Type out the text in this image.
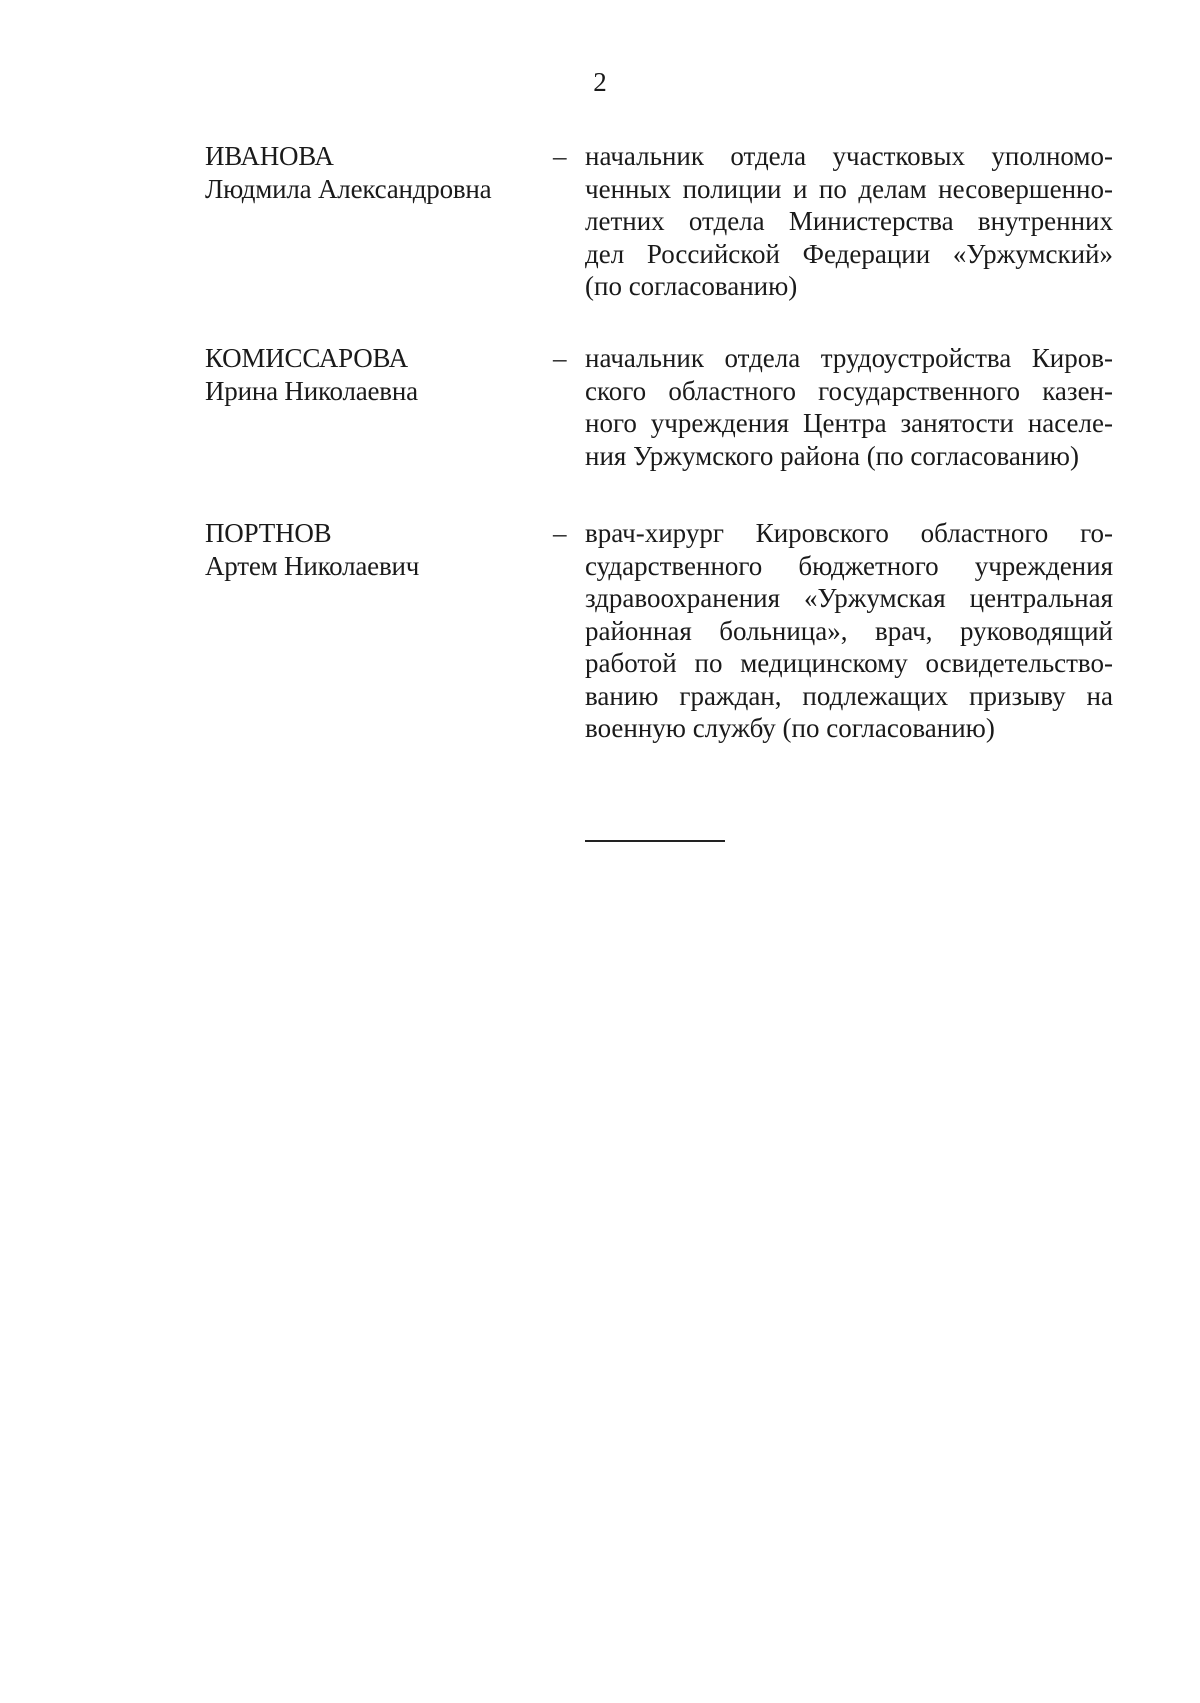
2
ИВАНОВА
Людмила Александровна
– начальник отдела участковых уполномо-
ченных полиции и по делам несовершенно-
летних отдела Министерства внутренних
дел Российской Федерации «Уржумский»
(по согласованию)
КОМИССАРОВА
Ирина Николаевна
– начальник отдела трудоустройства Киров-
ского областного государственного казен-
ного учреждения Центра занятости населе-
ния Уржумского района (по согласованию)
ПОРТНОВ
Артем Николаевич
– врач-хирург Кировского областного го-
сударственного бюджетного учреждения
здравоохранения «Уржумская центральная
районная больница», врач, руководящий
работой по медицинскому освидетельство-
ванию граждан, подлежащих призыву на
военную службу (по согласованию)
